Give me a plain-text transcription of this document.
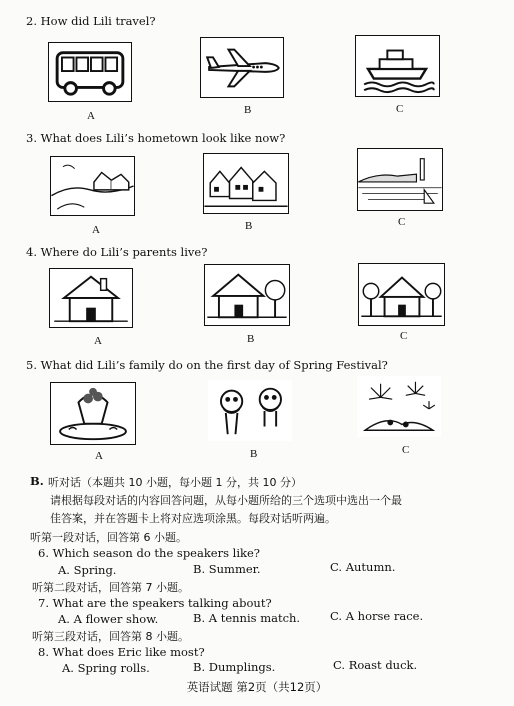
2. How did Lili travel?
A	B	C
3. What does Lili’s hometown look like now?
A	B	C
4. Where do Lili’s parents live?
A	B	C
5. What did Lili’s family do on the first day of Spring Festival?
A	B	C
B. 听对话（本题共 10 小题，每小题 1 分，共 10 分）
请根据每段对话的内容回答问题，从每小题所给的三个选项中选出一个最
佳答案，并在答题卡上将对应选项涂黑。每段对话听两遍。
听第一段对话，回答第 6 小题。
6. Which season do the speakers like?
A. Spring.	B. Summer.	C. Autumn.
听第二段对话，回答第 7 小题。
7. What are the speakers talking about?
A. A flower show.	B. A tennis match.	C. A horse race.
听第三段对话，回答第 8 小题。
8. What does Eric like most?
A. Spring rolls.	B. Dumplings.	C. Roast duck.
英语试题 第2页（共12页）
